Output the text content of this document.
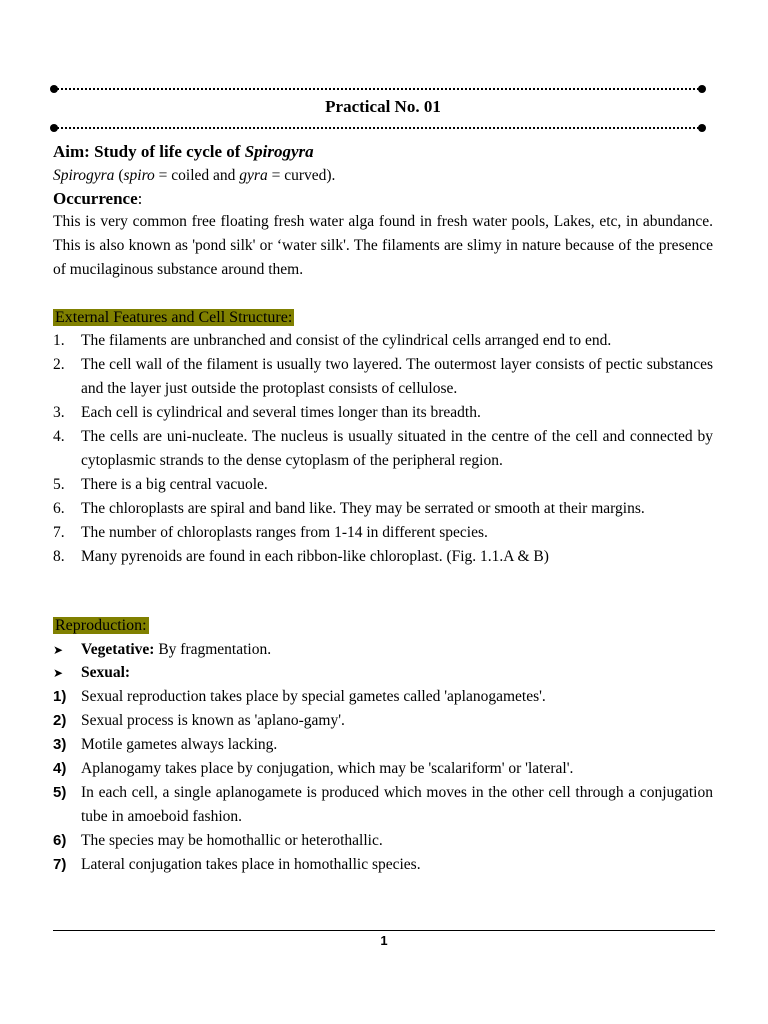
Practical No. 01
Aim: Study of life cycle of Spirogyra
Spirogyra (spiro = coiled and gyra = curved).
Occurrence:
This is very common free floating fresh water alga found in fresh water pools, Lakes, etc, in abundance. This is also known as 'pond silk' or ‘water silk'. The filaments are slimy in nature because of the presence of mucilaginous substance around them.
External Features and Cell Structure:
1. The filaments are unbranched and consist of the cylindrical cells arranged end to end.
2. The cell wall of the filament is usually two layered. The outermost layer consists of pectic substances and the layer just outside the protoplast consists of cellulose.
3. Each cell is cylindrical and several times longer than its breadth.
4. The cells are uni-nucleate. The nucleus is usually situated in the centre of the cell and connected by cytoplasmic strands to the dense cytoplasm of the peripheral region.
5. There is a big central vacuole.
6. The chloroplasts are spiral and band like. They may be serrated or smooth at their margins.
7. The number of chloroplasts ranges from 1-14 in different species.
8. Many pyrenoids are found in each ribbon-like chloroplast. (Fig. 1.1.A & B)
Reproduction:
➤ Vegetative: By fragmentation.
➤ Sexual:
1) Sexual reproduction takes place by special gametes called 'aplanogametes'.
2) Sexual process is known as 'aplano-gamy'.
3) Motile gametes always lacking.
4) Aplanogamy takes place by conjugation, which may be 'scalariform' or 'lateral'.
5) In each cell, a single aplanogamete is produced which moves in the other cell through a conjugation tube in amoeboid fashion.
6) The species may be homothallic or heterothallic.
7) Lateral conjugation takes place in homothallic species.
1
